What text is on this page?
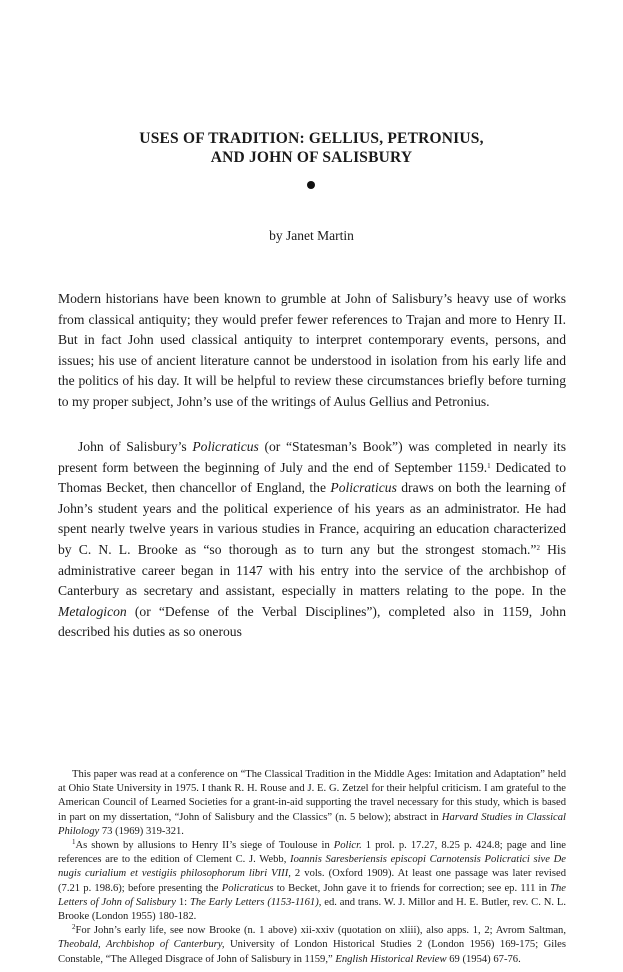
USES OF TRADITION: GELLIUS, PETRONIUS,
AND JOHN OF SALISBURY
by Janet Martin
Modern historians have been known to grumble at John of Salisbury’s heavy use of works from classical antiquity; they would prefer fewer references to Trajan and more to Henry II. But in fact John used classical antiquity to interpret contemporary events, persons, and issues; his use of ancient literature cannot be understood in isolation from his early life and the politics of his day. It will be helpful to review these circumstances briefly before turning to my proper subject, John’s use of the writings of Aulus Gellius and Petronius.
John of Salisbury’s Policraticus (or “Statesman’s Book”) was completed in nearly its present form between the beginning of July and the end of September 1159.$^1$ Dedicated to Thomas Becket, then chancellor of England, the Policraticus draws on both the learning of John’s student years and the political experience of his years as an administrator. He had spent nearly twelve years in various studies in France, acquiring an education characterized by C. N. L. Brooke as “so thorough as to turn any but the strongest stomach.”$^2$ His administrative career began in 1147 with his entry into the service of the archbishop of Canterbury as secretary and assistant, especially in matters relating to the pope. In the Metalogicon (or “Defense of the Verbal Disciplines”), completed also in 1159, John described his duties as so onerous

This paper was read at a conference on “The Classical Tradition in the Middle Ages: Imitation and Adaptation” held at Ohio State University in 1975. I thank R. H. Rouse and J. E. G. Zetzel for their helpful criticism. I am grateful to the American Council of Learned Societies for a grant-in-aid supporting the travel necessary for this study, which is based in part on my dissertation, “John of Salisbury and the Classics” (n. 5 below); abstract in Harvard Studies in Classical Philology 73 (1969) 319-321.

$^1$As shown by allusions to Henry II’s siege of Toulouse in Policr. 1 prol. p. 17.27, 8.25 p. 424.8; page and line references are to the edition of Clement C. J. Webb, Ioannis Saresberiensis episcopi Carnotensis Policratici sive De nugis curialium et vestigiis philosophorum libri VIII, 2 vols. (Oxford 1909). At least one passage was later revised (7.21 p. 198.6); before presenting the Policraticus to Becket, John gave it to friends for correction; see ep. 111 in The Letters of John of Salisbury 1: The Early Letters (1153-1161), ed. and trans. W. J. Millor and H. E. Butler, rev. C. N. L. Brooke (London 1955) 180-182.

$^2$For John’s early life, see now Brooke (n. 1 above) xii-xxiv (quotation on xliii), also apps. 1, 2; Avrom Saltman, Theobald, Archbishop of Canterbury, University of London Historical Studies 2 (London 1956) 169-175; Giles Constable, “The Alleged Disgrace of John of Salisbury in 1159,” English Historical Review 69 (1954) 67-76.
